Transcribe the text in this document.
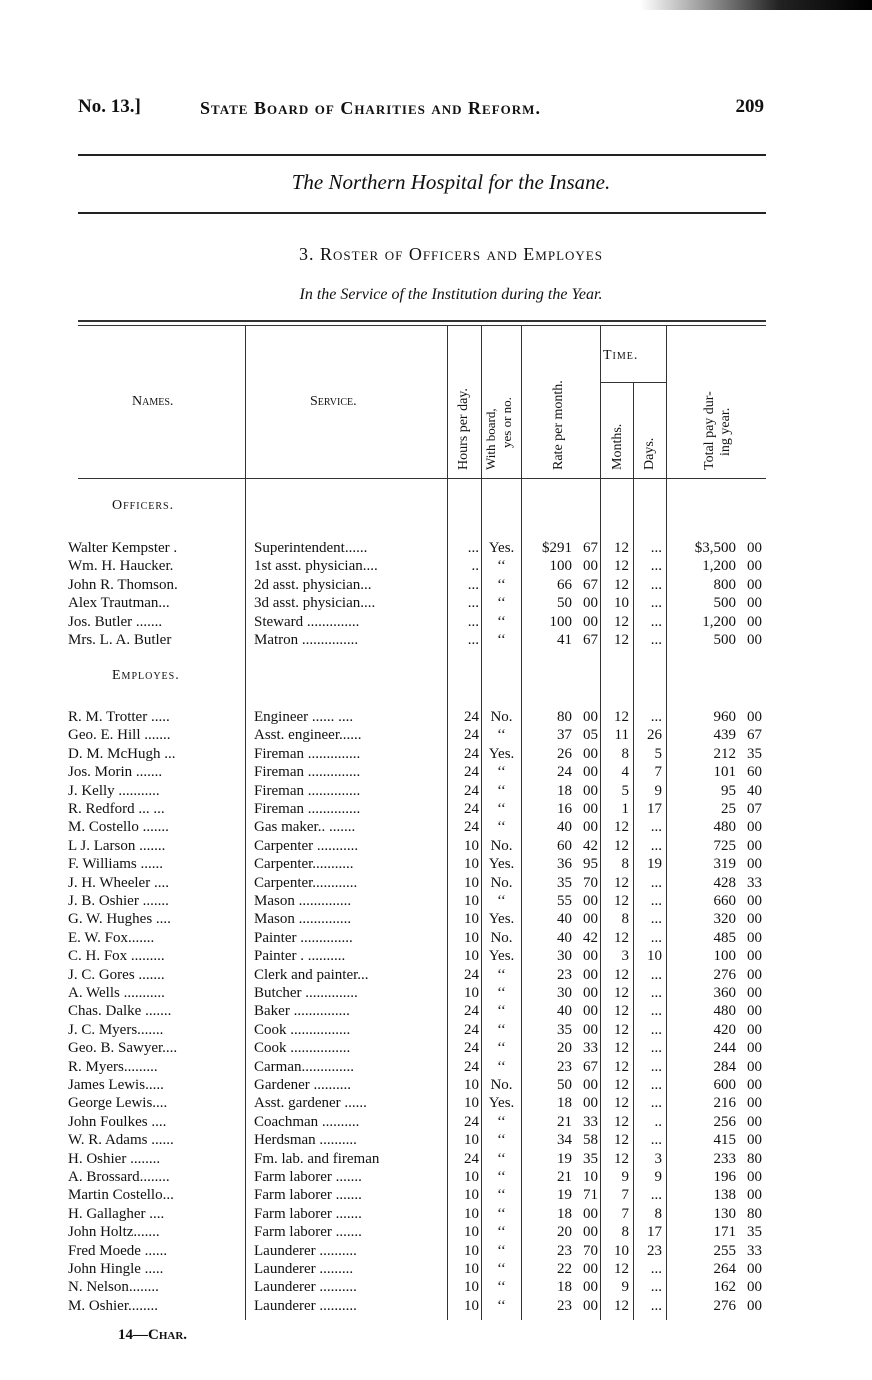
No. 13.]	State Board of Charities and Reform.	209
The Northern Hospital for the Insane.
3. Roster of Officers and Employes
In the Service of the Institution during the Year.
Names.	Service.	Hours per day. With board, yes or no.	Rate per month.
Time.
Months. Days.	Total pay dur- ing year.
Officers.
Employes.
Walter Kempster .	Superintendent......	... Yes.	$291 67	12	...	$3,500 00
Wm. H. Haucker.	1st asst. physician....	..	‘‘	100 00	12	...	1,200 00
John R. Thomson.	2d asst. physician...	...	‘‘	66 67	12	...	800 00
Alex Trautman...	3d asst. physician....	...	‘‘	50 00	10	...	500 00
Jos. Butler .......	Steward ..............	...	‘‘	100 00	12	...	1,200 00
Mrs. L. A. Butler	Matron ...............	...	‘‘	41 67	12	...	500 00
R. M. Trotter .....	Engineer ...... ....	24 No.	80 00	12	...	960 00
Geo. E. Hill .......	Asst. engineer......	24	‘‘	37 05	11	26	439 67
D. M. McHugh ...	Fireman ..............	24 Yes.	26 00	8	5	212 35
Jos. Morin .......	Fireman ..............	24	‘‘	24 00	4	7	101 60
J. Kelly ...........	Fireman ..............	24	‘‘	18 00	5	9	95 40
R. Redford ... ...	Fireman ..............	24	‘‘	16 00	1	17	25 07
M. Costello .......	Gas maker.. .......	24	‘‘	40 00	12	...	480 00
L J. Larson .......	Carpenter ...........	10 No.	60 42	12	...	725 00
F. Williams ......	Carpenter...........	10 Yes.	36 95	8	19	319 00
J. H. Wheeler ....	Carpenter............	10 No.	35 70	12	...	428 33
J. B. Oshier .......	Mason ..............	10	‘‘	55 00	12	...	660 00
G. W. Hughes ....	Mason ..............	10 Yes.	40 00	8	...	320 00
E. W. Fox.......	Painter ..............	10 No.	40 42	12	...	485 00
C. H. Fox .........	Painter . ..........	10 Yes.	30 00	3	10	100 00
J. C. Gores .......	Clerk and painter...	24	‘‘	23 00	12	...	276 00
A. Wells ...........	Butcher ..............	10	‘‘	30 00	12	...	360 00
Chas. Dalke .......	Baker ...............	24	‘‘	40 00	12	...	480 00
J. C. Myers.......	Cook ................	24	‘‘	35 00	12	...	420 00
Geo. B. Sawyer....	Cook ................	24	‘‘	20 33	12	...	244 00
R. Myers.........	Carman..............	24	‘‘	23 67	12	...	284 00
James Lewis.....	Gardener ..........	10 No.	50 00	12	...	600 00
George Lewis....	Asst. gardener ......	10 Yes.	18 00	12	...	216 00
John Foulkes ....	Coachman ..........	24	‘‘	21 33	12	..	256 00
W. R. Adams ......	Herdsman ..........	10	‘‘	34 58	12	...	415 00
H. Oshier ........	Fm. lab. and fireman	24	‘‘	19 35	12	3	233 80
A. Brossard........	Farm laborer .......	10	‘‘	21 10	9	9	196 00
Martin Costello...	Farm laborer .......	10	‘‘	19 71	7	...	138 00
H. Gallagher ....	Farm laborer .......	10	‘‘	18 00	7	8	130 80
John Holtz.......	Farm laborer .......	10	‘‘	20 00	8	17	171 35
Fred Moede ......	Launderer ..........	10	‘‘	23 70	10	23	255 33
John Hingle .....	Launderer .........	10	‘‘	22 00	12	...	264 00
N. Nelson........	Launderer ..........	10	‘‘	18 00	9	...	162 00
M. Oshier........	Launderer ..........	10	‘‘	23 00	12	...	276 00
14—Char.
